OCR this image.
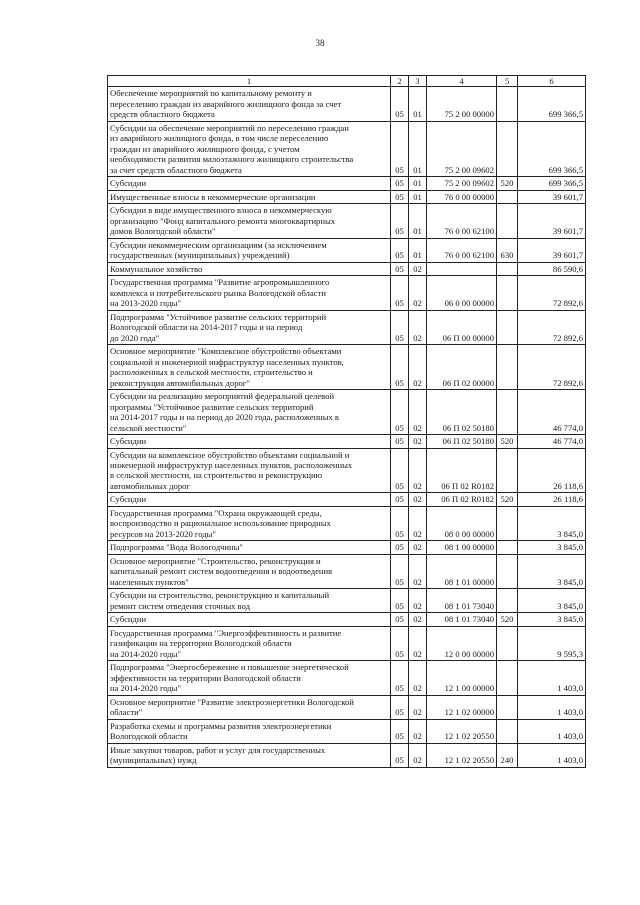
38
1	2	3	4	5	6
Обеспечение мероприятий по капитальному ремонту и
переселению граждан из аварийного жилищного фонда за счет
средств областного бюджета	05	01	75 2 00 00000		699 366,5
Субсидии на обеспечение мероприятий по переселению граждан
из аварийного жилищного фонда, в том числе переселению
граждан из аварийного жилищного фонда, с учетом
необходимости развития малоэтажного жилищного строительства
за счет средств областного бюджета	05	01	75 2 00 09602		699 366,5
Субсидии	05	01	75 2 00 09602	520	699 366,5
Имущественные взносы в некоммерческие организации	05	01	76 0 00 00000		39 601,7
Субсидии в виде имущественного взноса в некоммерческую
организацию "Фонд капитального ремонта многоквартирных
домов Вологодской области"	05	01	76 0 00 62100		39 601,7
Субсидии некоммерческим организациям (за исключением
государственных (муниципальных) учреждений)	05	01	76 0 00 62100	630	39 601,7
Коммунальное хозяйство	05	02			86 590,6
Государственная программа "Развитие агропромышленного
комплекса и потребительского рынка Вологодской области
на 2013-2020 годы"	05	02	06 0 00 00000		72 892,6
Подпрограмма "Устойчивое развитие сельских территорий
Вологодской области на 2014-2017 годы и на период
до 2020 года"	05	02	06 П 00 00000		72 892,6
Основное мероприятие "Комплексное обустройство объектами
социальной и инженерной инфраструктур населенных пунктов,
расположенных в сельской местности, строительство и
реконструкция автомобильных дорог"	05	02	06 П 02 00000		72 892,6
Субсидии на реализацию мероприятий федеральной целевой
программы "Устойчивое развитие сельских территорий
на 2014-2017 годы и на период до 2020 года, расположенных в
сельской местности"	05	02	06 П 02 50180		46 774,0
Субсидии	05	02	06 П 02 50180	520	46 774,0
Субсидии на комплексное обустройство объектами социальной и
инженерной инфраструктур населенных пунктов, расположенных
в сельской местности, на строительство и реконструкцию
автомобильных дорог	05	02	06 П 02 R0182		26 118,6
Субсидии	05	02	06 П 02 R0182	520	26 118,6
Государственная программа "Охрана окружающей среды,
воспроизводство и рациональное использование природных
ресурсов на 2013-2020 годы"	05	02	08 0 00 00000		3 845,0
Подпрограмма "Вода Вологодчины"	05	02	08 1 00 00000		3 845,0
Основное мероприятие "Строительство, реконструкция и
капитальный ремонт систем водоотведения и водоотведения
населенных пунктов"	05	02	08 1 01 00000		3 845,0
Субсидии на строительство, реконструкцию и капитальный
ремонт систем отведения сточных вод	05	02	08 1 01 73040		3 845,0
Субсидии	05	02	08 1 01 73040	520	3 845,0
Государственная программа "Энергоэффективность и развитие
газификации на территории Вологодской области
на 2014-2020 годы"	05	02	12 0 00 00000		9 595,3
Подпрограмма "Энергосбережение и повышение энергетической
эффективности на территории Вологодской области
на 2014-2020 годы"	05	02	12 1 00 00000		1 403,0
Основное мероприятие "Развитие электроэнергетики Вологодской
области"	05	02	12 1 02 00000		1 403,0
Разработка схемы и программы развития электроэнергетики
Вологодской области	05	02	12 1 02 20550		1 403,0
Иные закупки товаров, работ и услуг для государственных
(муниципальных) нужд	05	02	12 1 02 20550	240	1 403,0
